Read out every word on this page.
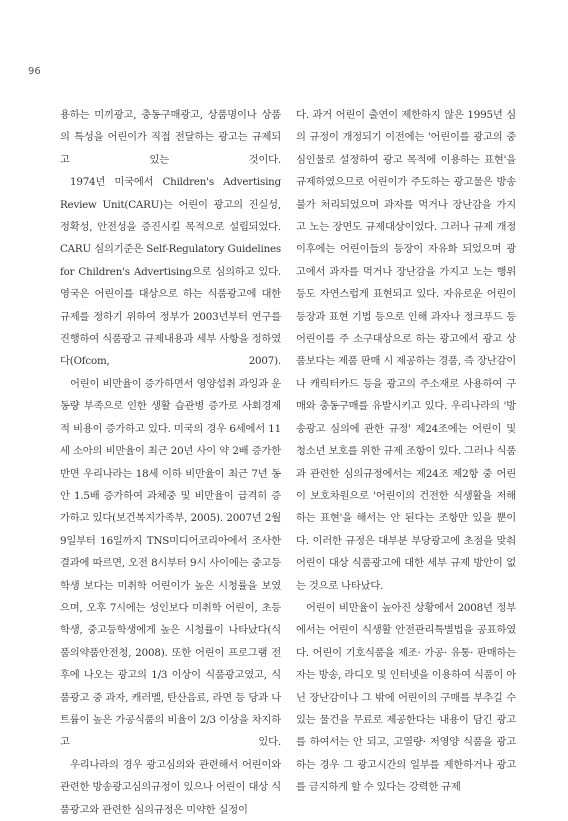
96

용하는 미끼광고, 충동구매광고, 상품명이나 상품의 특성을 어린이가 직접 전달하는 광고는 규제되고 있는 것이다.

1974년 미국에서 Children's Advertising Review Unit(CARU)는 어린이 광고의 진실성, 정확성, 안전성을 증진시킬 목적으로 설립되었다. CARU 심의기준은 Self-Regulatory Guidelines for Children's Advertising으로 심의하고 있다. 영국은 어린이를 대상으로 하는 식품광고에 대한 규제를 정하기 위하여 정부가 2003년부터 연구를 진행하여 식품광고 규제내용과 세부 사항을 정하였다(Ofcom, 2007).

어린이 비만율이 증가하면서 영양섭취 과잉과 운동량 부족으로 인한 생활 습관병 증가로 사회경제적 비용이 증가하고 있다. 미국의 경우 6세에서 11세 소아의 비만율이 최근 20년 사이 약 2배 증가한 반면 우리나라는 18세 이하 비만율이 최근 7년 동안 1.5배 증가하여 과체중 및 비만율이 급격히 증가하고 있다(보건복지가족부, 2005). 2007년 2월 9일부터 16일까지 TNS미디어코리아에서 조사한 결과에 따르면, 오전 8시부터 9시 사이에는 중고등학생 보다는 미취학 어린이가 높은 시청률을 보였으며, 오후 7시에는 성인보다 미취학 어린이, 초등학생, 중고등학생에게 높은 시청률이 나타났다(식품의약품안전청, 2008). 또한 어린이 프로그램 전후에 나오는 광고의 1/3 이상이 식품광고였고, 식품광고 중 과자, 캐러멜, 탄산음료, 라면 등 당과 나트륨이 높은 가공식품의 비율이 2/3 이상을 차지하고 있다.

우리나라의 경우 광고심의와 관련해서 어린이와 관련한 방송광고심의규정이 있으나 어린이 대상 식품광고와 관련한 심의규정은 미약한 실정이

다. 과거 어린이 출연이 제한하지 않은 1995년 심의 규정이 개정되기 이전에는 '어린이를 광고의 중심인물로 설정하여 광고 목적에 이용하는 표현'을 규제하였으므로 어린이가 주도하는 광고물은 방송 불가 처리되었으며 과자를 먹거나 장난감을 가지고 노는 장면도 규제대상이었다. 그러나 규제 개정 이후에는 어린이들의 등장이 자유화 되었으며 광고에서 과자를 먹거나 장난감을 가지고 노는 행위 등도 자연스럽게 표현되고 있다. 자유로운 어린이 등장과 표현 기법 등으로 인해 과자나 정크푸드 등 어린이를 주 소구대상으로 하는 광고에서 광고 상품보다는 제품 판매 시 제공하는 경품, 즉 장난감이나 캐릭터카드 등을 광고의 주소재로 사용하여 구매와 충동구매를 유발시키고 있다. 우리나라의 '방송광고 심의에 관한 규정' 제24조에는 어린이 및 청소년 보호를 위한 규제 조항이 있다. 그러나 식품과 관련한 심의규정에서는 제24조 제2항 중 어린이 보호차원으로 '어린이의 건전한 식생활을 저해하는 표현'을 해서는 안 된다는 조항만 있을 뿐이다. 이러한 규정은 대부분 부당광고에 초점을 맞춰 어린이 대상 식품광고에 대한 세부 규제 방안이 없는 것으로 나타났다.

어린이 비만율이 높아진 상황에서 2008년 정부에서는 어린이 식생활 안전관리특별법을 공표하였다. 어린이 기호식품을 제조· 가공· 유통· 판매하는 자는 방송, 라디오 및 인터넷을 이용하여 식품이 아닌 장난감이나 그 밖에 어린이의 구매를 부추길 수 있는 물건을 무료로 제공한다는 내용이 담긴 광고를 하여서는 안 되고, 고열량· 저영양 식품을 광고하는 경우 그 광고시간의 일부를 제한하거나 광고를 금지하게 할 수 있다는 강력한 규제
